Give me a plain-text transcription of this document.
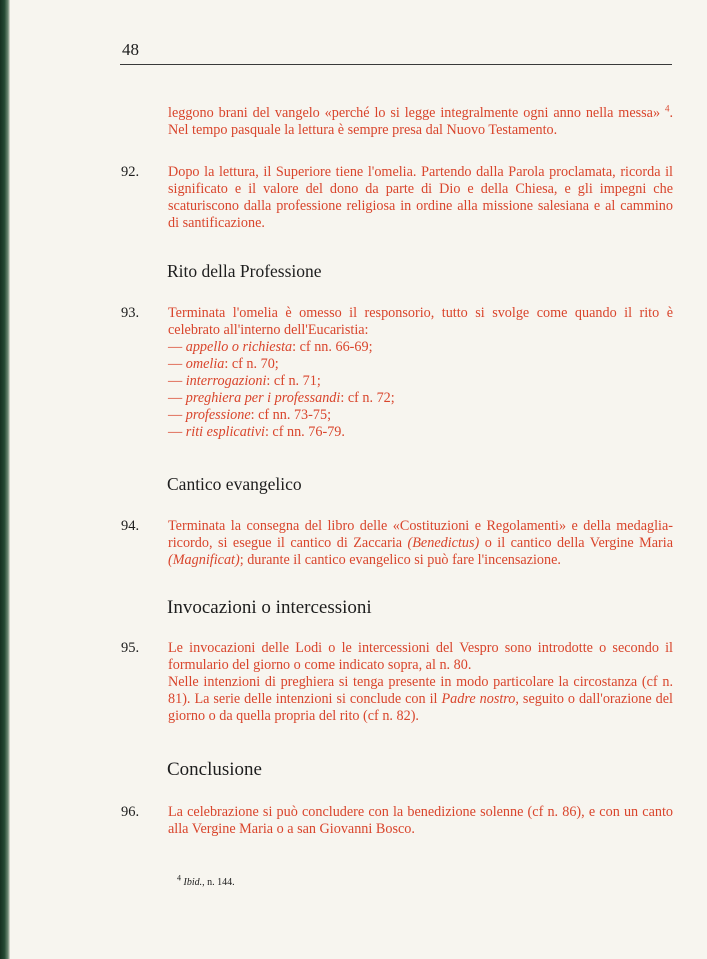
48
leggono brani del vangelo «perché lo si legge integralmente ogni anno nella messa» $^4$. Nel tempo pasquale la lettura è sempre presa dal Nuovo Testamento.
92. Dopo la lettura, il Superiore tiene l'omelia. Partendo dalla Parola proclamata, ricorda il significato e il valore del dono da parte di Dio e della Chiesa, e gli impegni che scaturiscono dalla professione religiosa in ordine alla missione salesiana e al cammino di santificazione.
Rito della Professione
93. Terminata l'omelia è omesso il responsorio, tutto si svolge come quando il rito è celebrato all'interno dell'Eucaristia:

— appello o richiesta: cf nn. 66-69;
— omelia: cf n. 70;
— interrogazioni: cf n. 71;
— preghiera per i professandi: cf n. 72;
— professione: cf nn. 73-75;
— riti esplicativi: cf nn. 76-79.
Cantico evangelico
94. Terminata la consegna del libro delle «Costituzioni e Regolamenti» e della medaglia-ricordo, si esegue il cantico di Zaccaria (Benedictus) o il cantico della Vergine Maria (Magnificat); durante il cantico evangelico si può fare l'incensazione.
Invocazioni o intercessioni
95. Le invocazioni delle Lodi o le intercessioni del Vespro sono introdotte o secondo il formulario del giorno o come indicato sopra, al n. 80.

Nelle intenzioni di preghiera si tenga presente in modo particolare la circostanza (cf n. 81). La serie delle intenzioni si conclude con il Padre nostro, seguito o dall'orazione del giorno o da quella propria del rito (cf n. 82).

Conclusione
96. La celebrazione si può concludere con la benedizione solenne (cf n. 86), e con un canto alla Vergine Maria o a san Giovanni Bosco.
$^4$ Ibid., n. 144.
